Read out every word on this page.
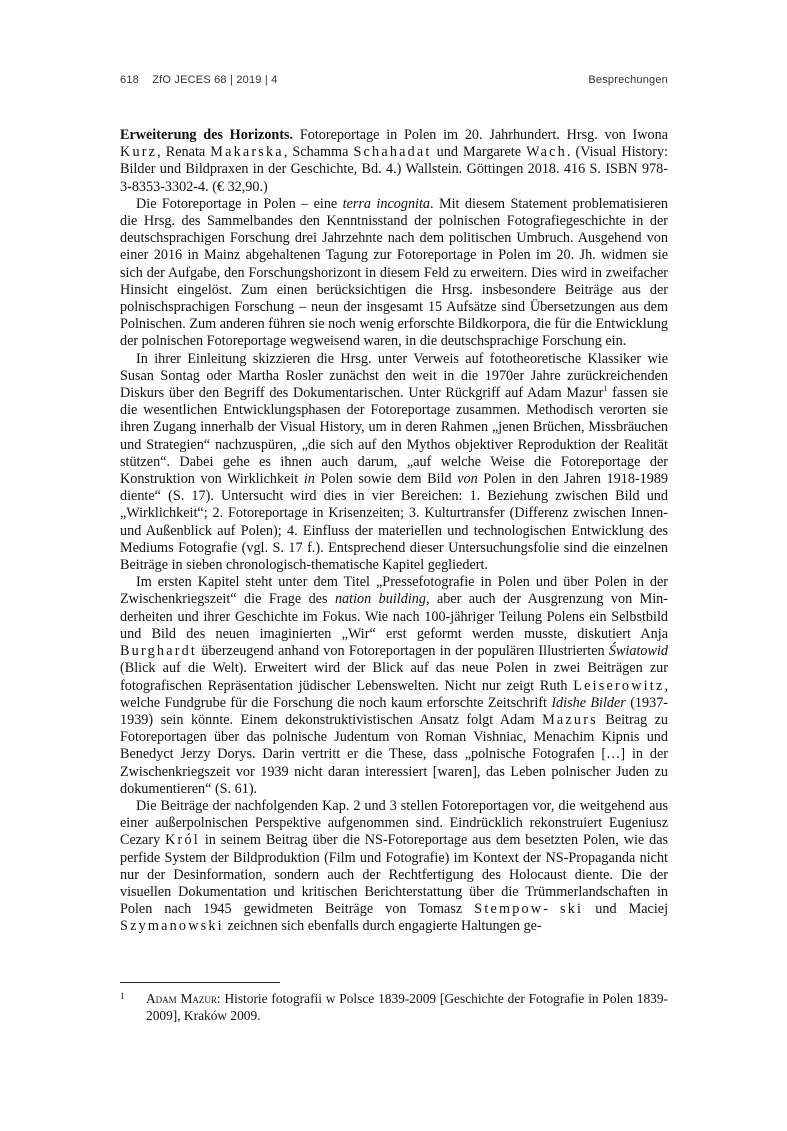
618 ZfO JECES 68 | 2019 | 4	Besprechungen

Erweiterung des Horizonts. Fotoreportage in Polen im 20. Jahrhundert. Hrsg. von Iwona Kurz, Renata Makarska, Schamma Schahadat und Margarete Wach. (Visual History: Bilder und Bildpraxen in der Geschichte, Bd. 4.) Wallstein. Göttingen 2018. 416 S. ISBN 978-3-8353-3302-4. (€ 32,90.)

Die Fotoreportage in Polen – eine terra incognita. Mit diesem Statement problematisieren die Hrsg. des Sammelbandes den Kenntnisstand der polnischen Fotografiegeschichte in der deutschsprachigen Forschung drei Jahrzehnte nach dem politischen Umbruch. Ausgehend von einer 2016 in Mainz abgehaltenen Tagung zur Fotoreportage in Polen im 20. Jh. widmen sie sich der Aufgabe, den Forschungshorizont in diesem Feld zu erweitern. Dies wird in zweifacher Hinsicht eingelöst. Zum einen berücksichtigen die Hrsg. insbesondere Beiträge aus der polnischsprachigen Forschung – neun der insgesamt 15 Aufsätze sind Übersetzungen aus dem Polnischen. Zum anderen führen sie noch wenig erforschte Bildkorpora, die für die Entwicklung der polnischen Fotoreportage wegweisend waren, in die deutschsprachige Forschung ein.

In ihrer Einleitung skizzieren die Hrsg. unter Verweis auf fototheoretische Klassiker wie Susan Sontag oder Martha Rosler zunächst den weit in die 1970er Jahre zurückreichenden Diskurs über den Begriff des Dokumentarischen. Unter Rückgriff auf Adam Mazur$^1$ fassen sie die wesentlichen Entwicklungsphasen der Fotoreportage zusammen. Methodisch verorten sie ihren Zugang innerhalb der Visual History, um in deren Rahmen „jenen Brüchen, Missbräuchen und Strategien“ nachzuspüren, „die sich auf den Mythos objektiver Reproduktion der Realität stützen“. Dabei gehe es ihnen auch darum, „auf welche Weise die Fotoreportage der Konstruktion von Wirklichkeit in Polen sowie dem Bild von Polen in den Jahren 1918-1989 diente“ (S. 17). Untersucht wird dies in vier Bereichen: 1. Beziehung zwischen Bild und „Wirklichkeit“; 2. Fotoreportage in Krisenzeiten; 3. Kulturtransfer (Differenz zwischen Innen- und Außenblick auf Polen); 4. Einfluss der materiellen und technologischen Entwicklung des Mediums Fotografie (vgl. S. 17 f.). Entsprechend dieser Untersuchungsfolie sind die einzelnen Beiträge in sieben chronologisch-thematische Kapitel gegliedert.

Im ersten Kapitel steht unter dem Titel „Pressefotografie in Polen und über Polen in der Zwischenkriegszeit“ die Frage des nation building, aber auch der Ausgrenzung von Minderheiten und ihrer Geschichte im Fokus. Wie nach 100-jähriger Teilung Polens ein Selbstbild und Bild des neuen imaginierten „Wir“ erst geformt werden musste, diskutiert Anja Burghardt überzeugend anhand von Fotoreportagen in der populären Illustrierten Światowid (Blick auf die Welt). Erweitert wird der Blick auf das neue Polen in zwei Beiträgen zur fotografischen Repräsentation jüdischer Lebenswelten. Nicht nur zeigt Ruth Leiserowitz, welche Fundgrube für die Forschung die noch kaum erforschte Zeitschrift Idishe Bilder (1937-1939) sein könnte. Einem dekonstruktivistischen Ansatz folgt Adam Mazurs Beitrag zu Fotoreportagen über das polnische Judentum von Roman Vishniac, Menachim Kipnis und Benedyct Jerzy Dorys. Darin vertritt er die These, dass „polnische Fotografen […] in der Zwischenkriegszeit vor 1939 nicht daran interessiert [waren], das Leben polnischer Juden zu dokumentieren“ (S. 61).

Die Beiträge der nachfolgenden Kap. 2 und 3 stellen Fotoreportagen vor, die weitgehend aus einer außerpolnischen Perspektive aufgenommen sind. Eindrücklich rekonstruiert Eugeniusz Cezary Król in seinem Beitrag über die NS-Fotoreportage aus dem besetzten Polen, wie das perfide System der Bildproduktion (Film und Fotografie) im Kontext der NS-Propaganda nicht nur der Desinformation, sondern auch der Rechtfertigung des Holocaust diente. Die der visuellen Dokumentation und kritischen Berichterstattung über die Trümmerlandschaften in Polen nach 1945 gewidmeten Beiträge von Tomasz Stempow- ski und Maciej Szymanowski zeichnen sich ebenfalls durch engagierte Haltungen ge-

1 Adam Mazur: Historie fotografii w Polsce 1839-2009 [Geschichte der Fotografie in Polen 1839-2009], Kraków 2009.
